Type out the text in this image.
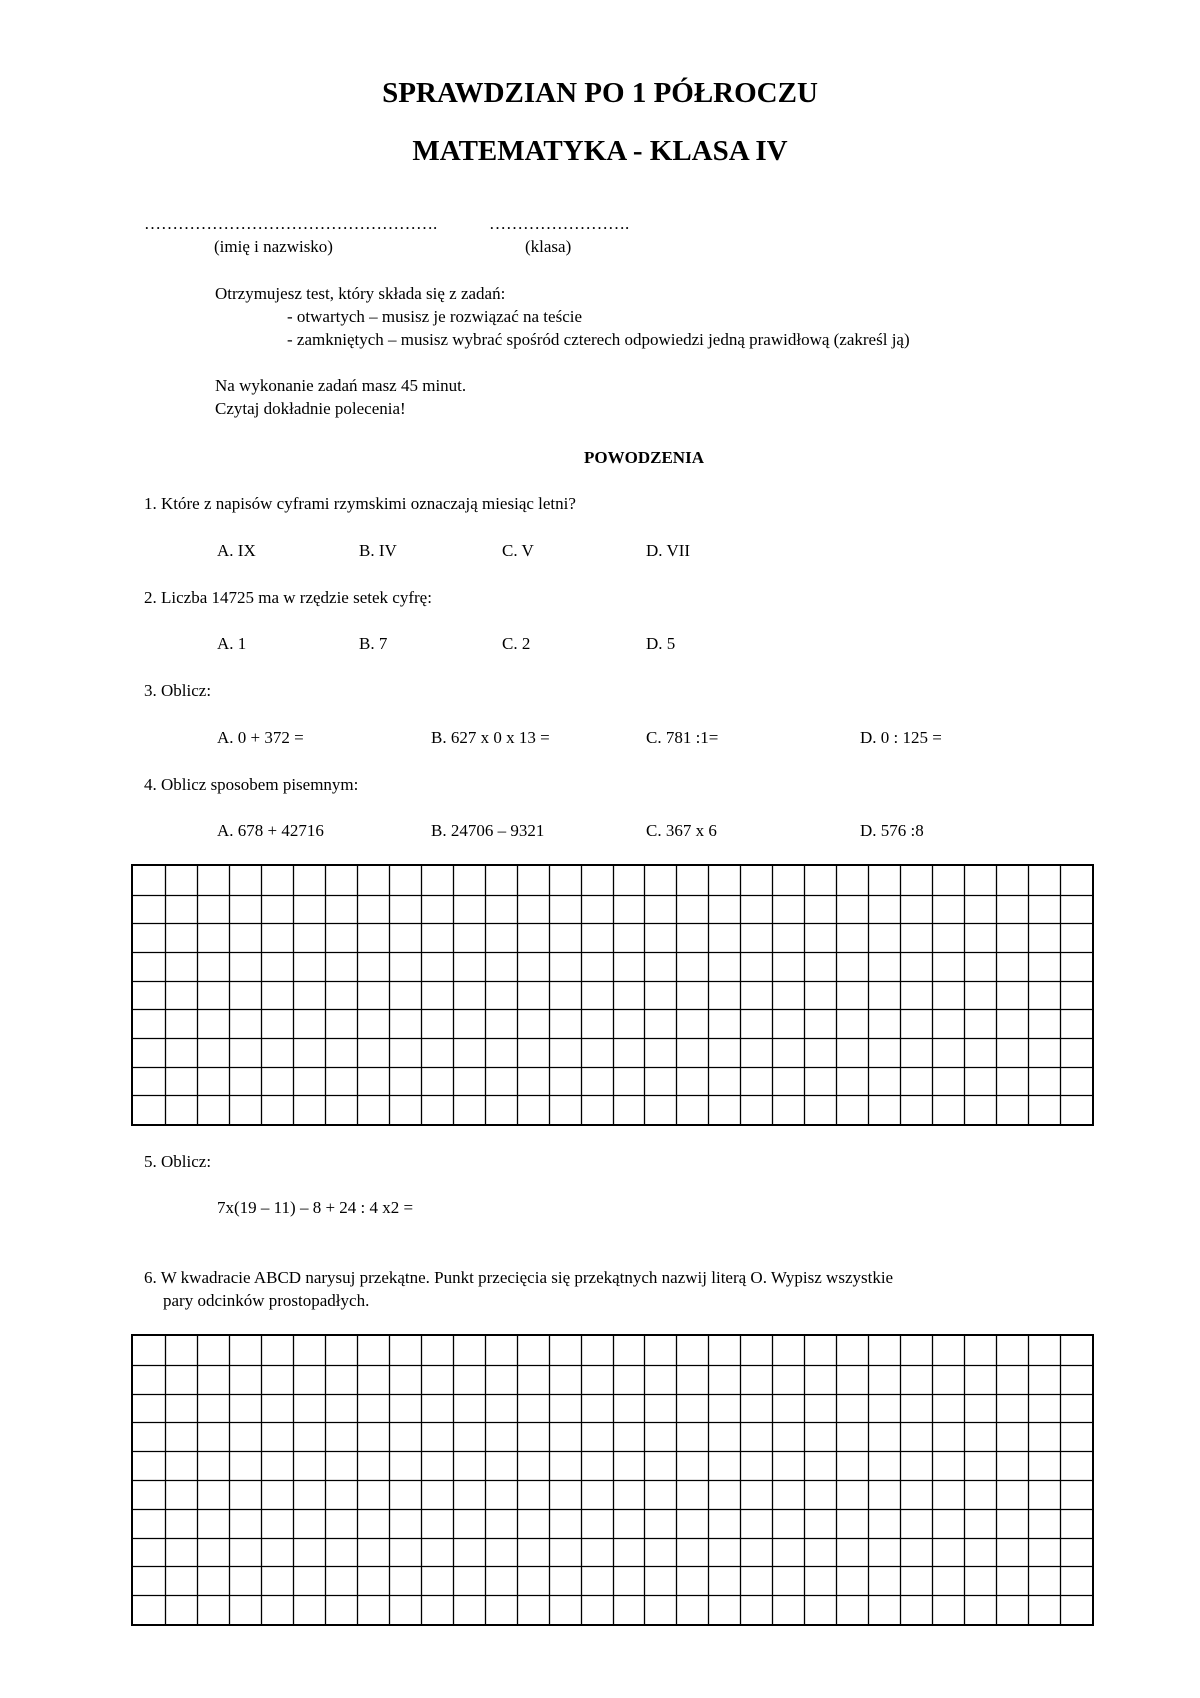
SPRAWDZIAN PO 1 PÓŁROCZU
MATEMATYKA - KLASA IV
…………………………………………….	…………………….
(imię i nazwisko)	(klasa)
Otrzymujesz test, który składa się z zadań:
- otwartych – musisz je rozwiązać na teście
- zamkniętych – musisz wybrać spośród czterech odpowiedzi jedną prawidłową (zakreśl ją)
Na wykonanie zadań masz 45 minut.
Czytaj dokładnie polecenia!
POWODZENIA
1. Które z napisów cyframi rzymskimi oznaczają miesiąc letni?
A. IX	B. IV	C. V	D. VII
2. Liczba 14725 ma w rzędzie setek cyfrę:
A. 1	B. 7	C. 2	D. 5
3. Oblicz:
A. 0 + 372 =	B. 627 x 0 x 13 =	C. 781 :1=	D. 0 : 125 =
4. Oblicz sposobem pisemnym:
A. 678 + 42716	B. 24706 – 9321	C. 367 x 6	D. 576 :8
5. Oblicz:
7x(19 – 11) – 8 + 24 : 4 x2 =
6. W kwadracie ABCD narysuj przekątne. Punkt przecięcia się przekątnych nazwij literą O. Wypisz wszystkie
pary odcinków prostopadłych.
